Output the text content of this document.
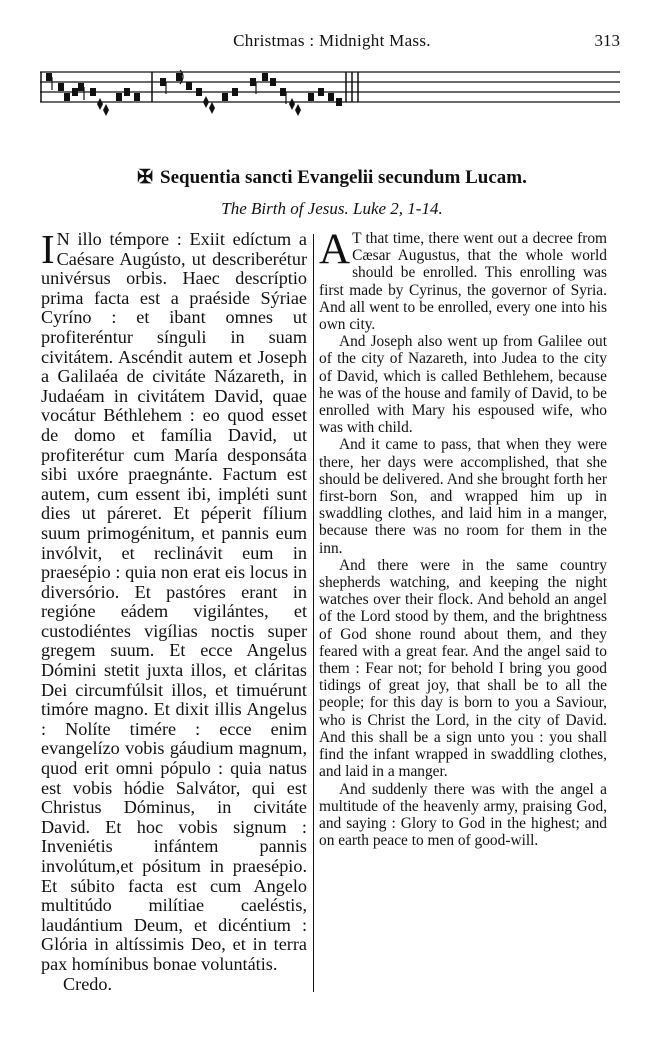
Christmas : Midnight Mass.	313
✠ Sequentia sancti Evangelii secundum Lucam.
The Birth of Jesus. Luke 2, 1-14.

I N illo témpore : Exiit edíctum a Caésare Augústo, ut describerétur univérsus orbis. Haec descríptio prima facta est a praéside Sýriae Cyríno : et ibant omnes ut profiteréntur sínguli in suam civitátem. Ascéndit autem et Joseph a Galilaéa de civitáte Názareth, in Judaéam in civitátem David, quae vocátur Béthlehem : eo quod esset de domo et família David, ut profiterétur cum María desponsáta sibi uxóre praegnánte. Factum est autem, cum essent ibi, impléti sunt dies ut páreret. Et péperit fílium suum primogénitum, et pannis eum invólvit, et reclinávit eum in praesépio : quia non erat eis locus in diversório. Et pastóres erant in regióne eádem vigilántes, et custodiéntes vigílias noctis super gregem suum. Et ecce Angelus Dómini stetit juxta illos, et cláritas Dei circumfúlsit illos, et timuérunt timóre magno. Et dixit illis Angelus : Nolíte timére : ecce enim evangelízo vobis gáudium magnum, quod erit omni pópulo : quia natus est vobis hódie Salvátor, qui est Christus Dóminus, in civitáte David. Et hoc vobis signum : Inveniétis infántem pannis involútum,et pósitum in praesépio. Et súbito facta est cum Angelo multitúdo milítiae caeléstis, laudántium Deum, et dicéntium : Glória in altíssimis Deo, et in terra pax homínibus bonae voluntátis.

Credo.

A T that time, there went out a decree from Cæsar Augustus, that the whole world should be enrolled. This enrolling was first made by Cyrinus, the governor of Syria. And all went to be enrolled, every one into his own city.

And Joseph also went up from Galilee out of the city of Nazareth, into Judea to the city of David, which is called Bethlehem, because he was of the house and family of David, to be enrolled with Mary his espoused wife, who was with child.

And it came to pass, that when they were there, her days were accomplished, that she should be delivered. And she brought forth her first-born Son, and wrapped him up in swaddling clothes, and laid him in a manger, because there was no room for them in the inn.

And there were in the same country shepherds watching, and keeping the night watches over their flock. And behold an angel of the Lord stood by them, and the brightness of God shone round about them, and they feared with a great fear. And the angel said to them : Fear not; for behold I bring you good tidings of great joy, that shall be to all the people; for this day is born to you a Saviour, who is Christ the Lord, in the city of David. And this shall be a sign unto you : you shall find the infant wrapped in swaddling clothes, and laid in a manger.

And suddenly there was with the angel a multitude of the heavenly army, praising God, and saying : Glory to God in the highest; and on earth peace to men of good-will.
